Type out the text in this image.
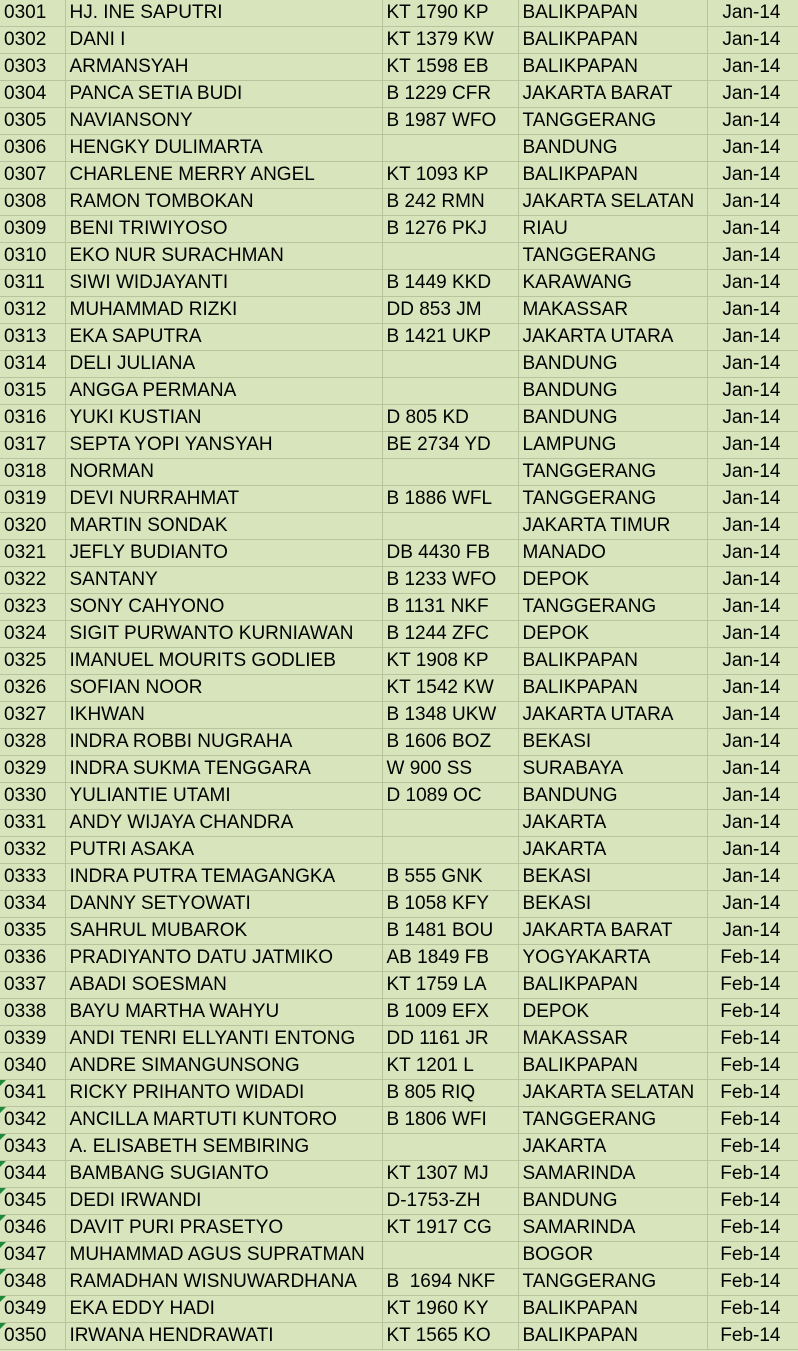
0301	HJ. INE SAPUTRI	KT 1790 KP	BALIKPAPAN	Jan-14
0302	DANI I	KT 1379 KW	BALIKPAPAN	Jan-14
0303	ARMANSYAH	KT 1598 EB	BALIKPAPAN	Jan-14
0304	PANCA SETIA BUDI	B 1229 CFR	JAKARTA BARAT	Jan-14
0305	NAVIANSONY	B 1987 WFO	TANGGERANG	Jan-14
0306	HENGKY DULIMARTA		BANDUNG	Jan-14
0307	CHARLENE MERRY ANGEL	KT 1093 KP	BALIKPAPAN	Jan-14
0308	RAMON TOMBOKAN	B 242 RMN	JAKARTA SELATAN	Jan-14
0309	BENI TRIWIYOSO	B 1276 PKJ	RIAU	Jan-14
0310	EKO NUR SURACHMAN		TANGGERANG	Jan-14
0311	SIWI WIDJAYANTI	B 1449 KKD	KARAWANG	Jan-14
0312	MUHAMMAD RIZKI	DD 853 JM	MAKASSAR	Jan-14
0313	EKA SAPUTRA	B 1421 UKP	JAKARTA UTARA	Jan-14
0314	DELI JULIANA		BANDUNG	Jan-14
0315	ANGGA PERMANA		BANDUNG	Jan-14
0316	YUKI KUSTIAN	D 805 KD	BANDUNG	Jan-14
0317	SEPTA YOPI YANSYAH	BE 2734 YD	LAMPUNG	Jan-14
0318	NORMAN		TANGGERANG	Jan-14
0319	DEVI NURRAHMAT	B 1886 WFL	TANGGERANG	Jan-14
0320	MARTIN SONDAK		JAKARTA TIMUR	Jan-14
0321	JEFLY BUDIANTO	DB 4430 FB	MANADO	Jan-14
0322	SANTANY	B 1233 WFO	DEPOK	Jan-14
0323	SONY CAHYONO	B 1131 NKF	TANGGERANG	Jan-14
0324	SIGIT PURWANTO KURNIAWAN	B 1244 ZFC	DEPOK	Jan-14
0325	IMANUEL MOURITS GODLIEB	KT 1908 KP	BALIKPAPAN	Jan-14
0326	SOFIAN NOOR	KT 1542 KW	BALIKPAPAN	Jan-14
0327	IKHWAN	B 1348 UKW	JAKARTA UTARA	Jan-14
0328	INDRA ROBBI NUGRAHA	B 1606 BOZ	BEKASI	Jan-14
0329	INDRA SUKMA TENGGARA	W 900 SS	SURABAYA	Jan-14
0330	YULIANTIE UTAMI	D 1089 OC	BANDUNG	Jan-14
0331	ANDY WIJAYA CHANDRA		JAKARTA	Jan-14
0332	PUTRI ASAKA		JAKARTA	Jan-14
0333	INDRA PUTRA TEMAGANGKA	B 555 GNK	BEKASI	Jan-14
0334	DANNY SETYOWATI	B 1058 KFY	BEKASI	Jan-14
0335	SAHRUL MUBAROK	B 1481 BOU	JAKARTA BARAT	Jan-14
0336	PRADIYANTO DATU JATMIKO	AB 1849 FB	YOGYAKARTA	Feb-14
0337	ABADI SOESMAN	KT 1759 LA	BALIKPAPAN	Feb-14
0338	BAYU MARTHA WAHYU	B 1009 EFX	DEPOK	Feb-14
0339	ANDI TENRI ELLYANTI ENTONG	DD 1161 JR	MAKASSAR	Feb-14
0340	ANDRE SIMANGUNSONG	KT 1201 L	BALIKPAPAN	Feb-14
0341	RICKY PRIHANTO WIDADI	B 805 RIQ	JAKARTA SELATAN	Feb-14
0342	ANCILLA MARTUTI KUNTORO	B 1806 WFI	TANGGERANG	Feb-14
0343	A. ELISABETH SEMBIRING		JAKARTA	Feb-14
0344	BAMBANG SUGIANTO	KT 1307 MJ	SAMARINDA	Feb-14
0345	DEDI IRWANDI	D-1753-ZH	BANDUNG	Feb-14
0346	DAVIT PURI PRASETYO	KT 1917 CG	SAMARINDA	Feb-14
0347	MUHAMMAD AGUS SUPRATMAN		BOGOR	Feb-14
0348	RAMADHAN WISNUWARDHANA	B  1694 NKF	TANGGERANG	Feb-14
0349	EKA EDDY HADI	KT 1960 KY	BALIKPAPAN	Feb-14
0350	IRWANA HENDRAWATI	KT 1565 KO	BALIKPAPAN	Feb-14
